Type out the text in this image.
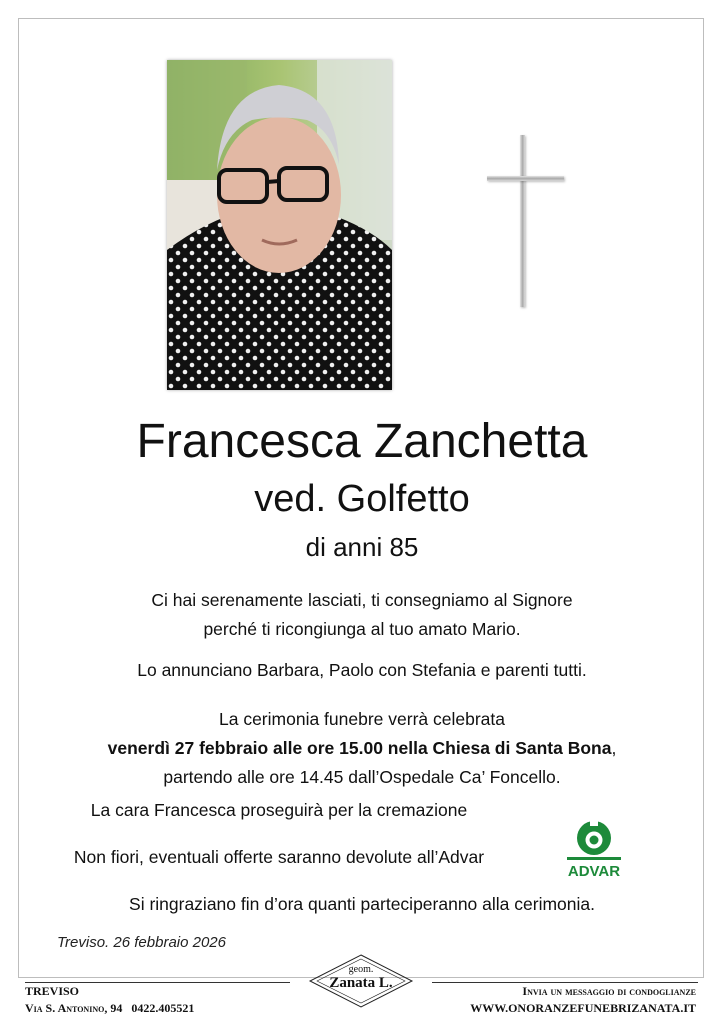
Francesca Zanchetta
ved. Golfetto
di anni 85
Ci hai serenamente lasciati, ti consegniamo al Signore
perché ti ricongiunga al tuo amato Mario.
Lo annunciano Barbara, Paolo con Stefania e parenti tutti.
La cerimonia funebre verrà celebrata
venerdì 27 febbraio alle ore 15.00 nella Chiesa di Santa Bona,
partendo alle ore 14.45 dall’Ospedale Ca’ Foncello.
La cara Francesca proseguirà per la cremazione
Non fiori, eventuali offerte saranno devolute all’Advar
ADVAR
Si ringraziano fin d’ora quanti parteciperanno alla cerimonia.
Treviso. 26 febbraio 2026
TREVISO
Via S. Antonino, 94 0422.405521
geom.
Zanata L.	Invia un messaggio di condoglianze
WWW.ONORANZEFUNEBRIZANATA.IT
